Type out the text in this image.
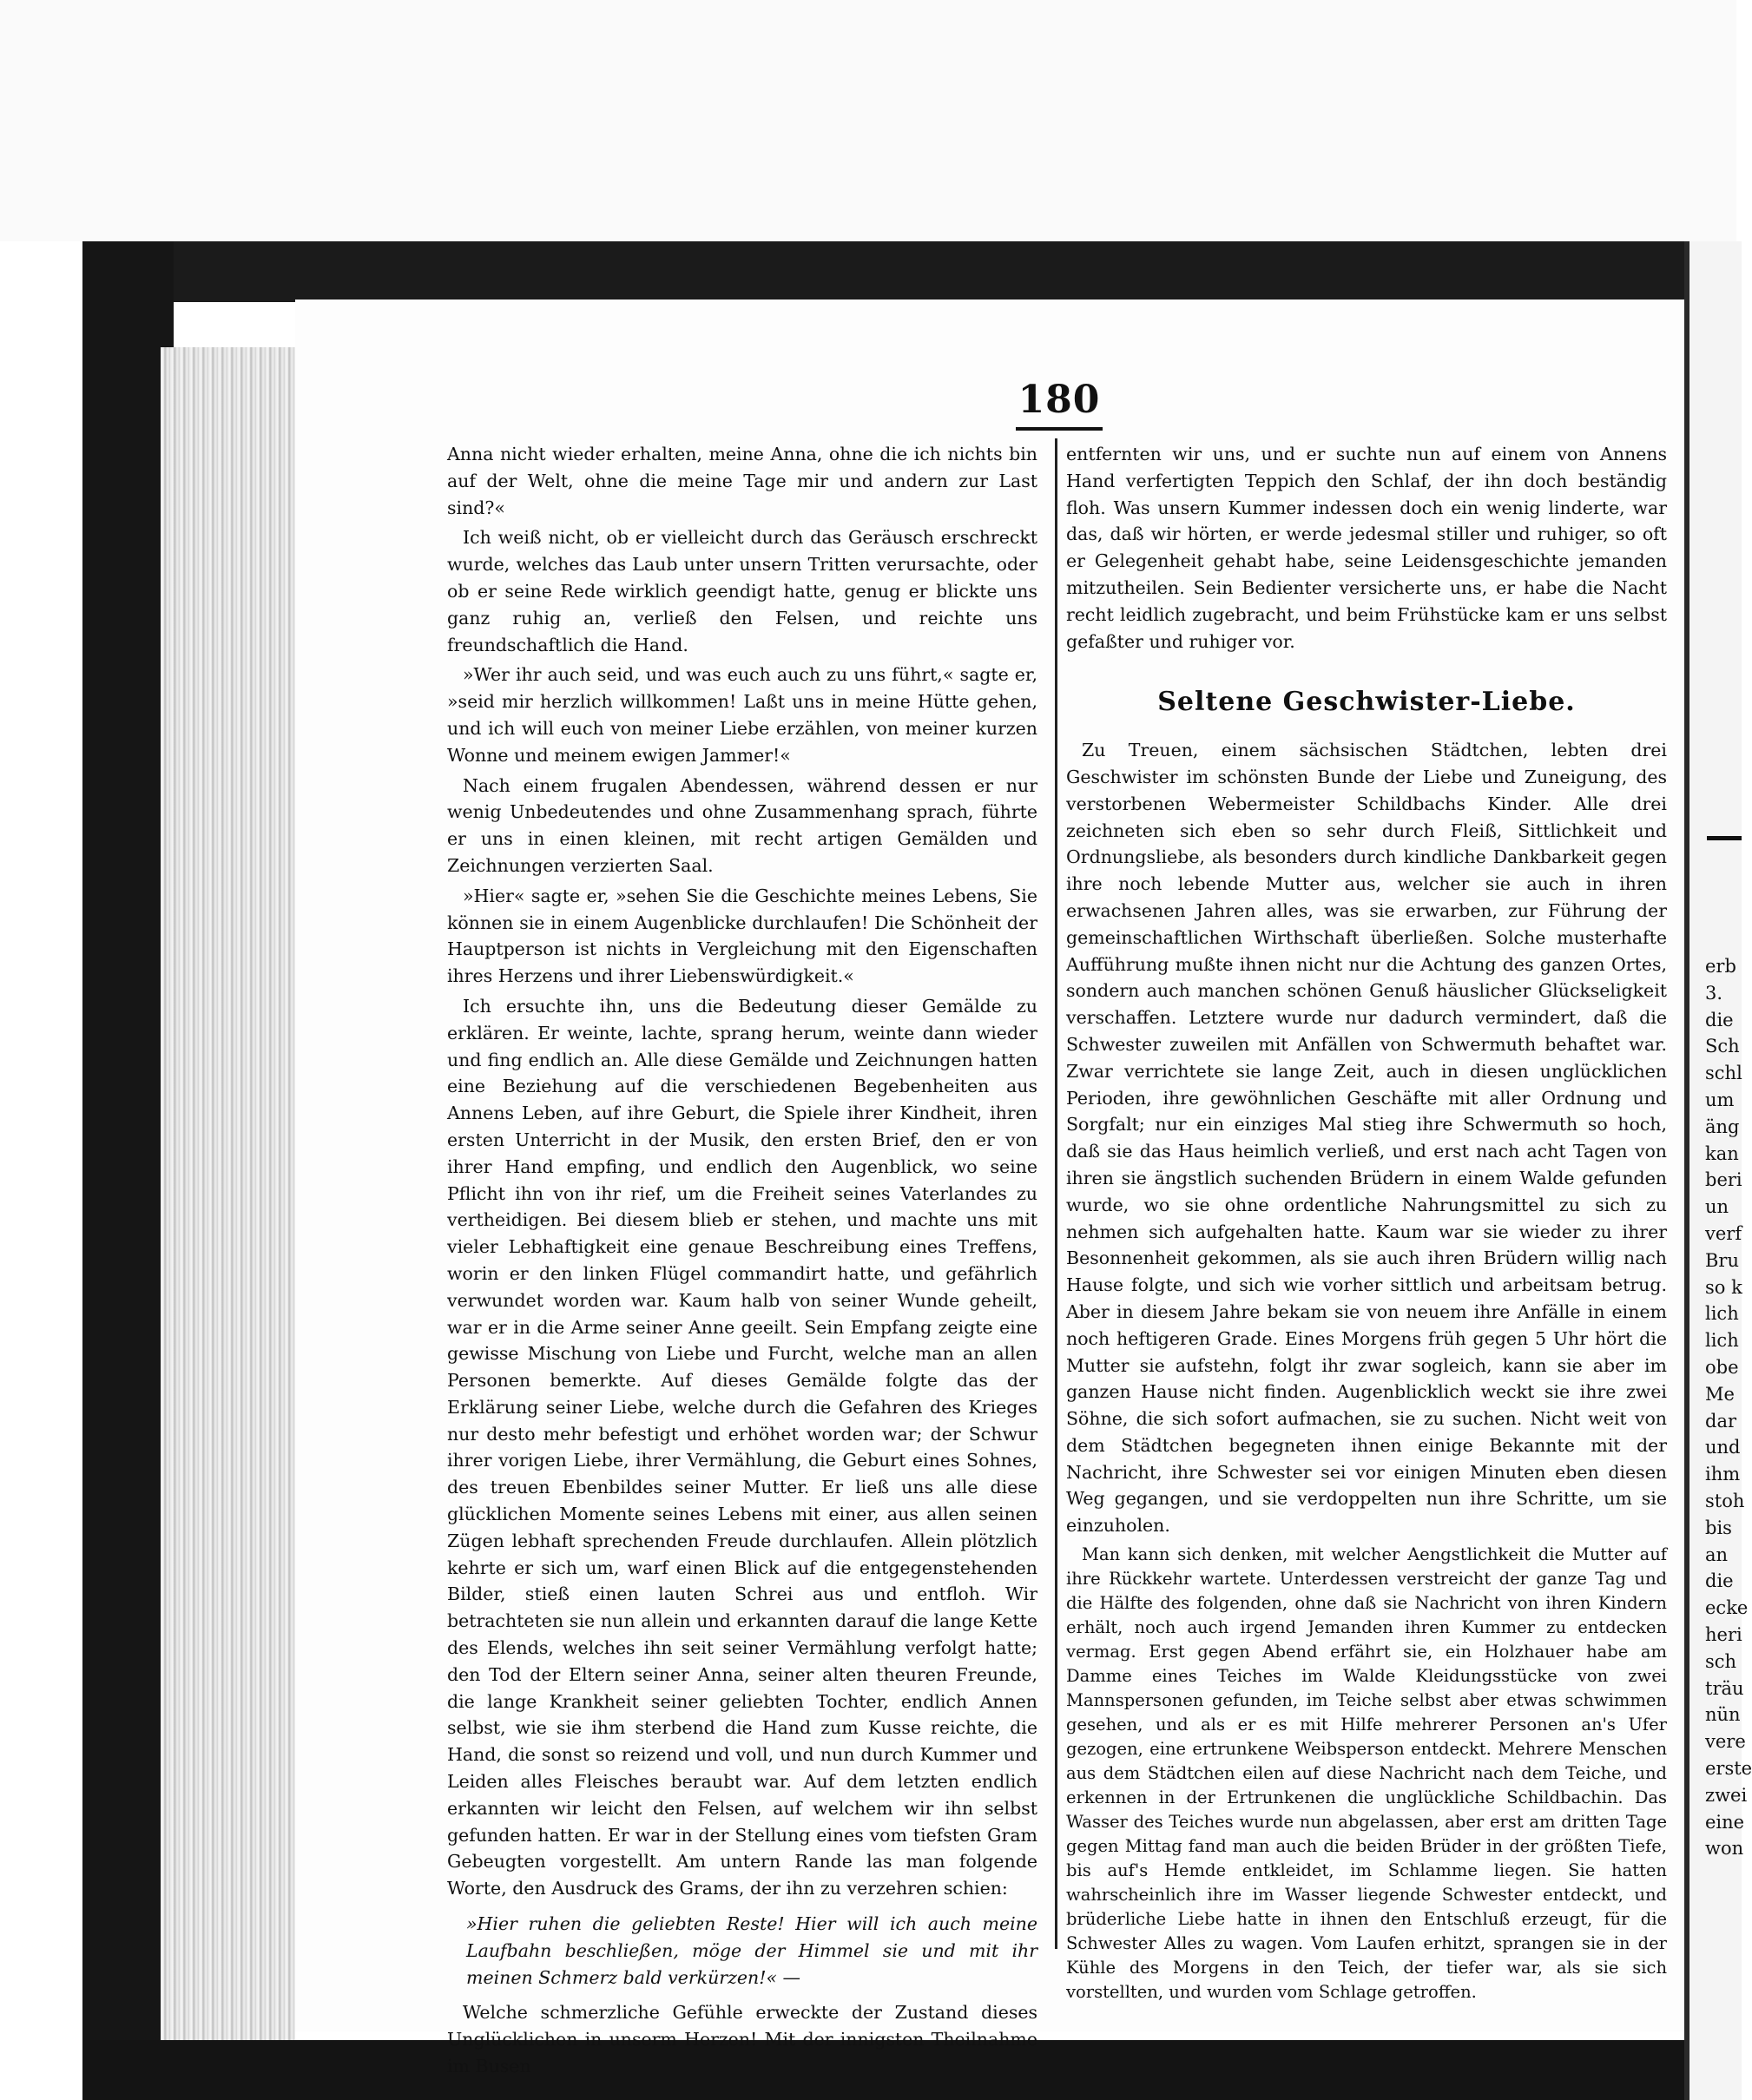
180

Anna nicht wieder erhalten, meine Anna, ohne die ich nichts bin auf der Welt, ohne die meine Tage mir und andern zur Last sind?«

Ich weiß nicht, ob er vielleicht durch das Geräusch erschreckt wurde, welches das Laub unter unsern Tritten verursachte, oder ob er seine Rede wirklich geendigt hatte, genug er blickte uns ganz ruhig an, verließ den Felsen, und reichte uns freundschaftlich die Hand.

»Wer ihr auch seid, und was euch auch zu uns führt,« sagte er, »seid mir herzlich willkommen! Laßt uns in meine Hütte gehen, und ich will euch von meiner Liebe erzählen, von meiner kurzen Wonne und meinem ewigen Jammer!«

Nach einem frugalen Abendessen, während dessen er nur wenig Unbedeutendes und ohne Zusammenhang sprach, führte er uns in einen kleinen, mit recht artigen Gemälden und Zeichnungen verzierten Saal.

»Hier« sagte er, »sehen Sie die Geschichte meines Lebens, Sie können sie in einem Augenblicke durchlaufen! Die Schönheit der Hauptperson ist nichts in Vergleichung mit den Eigenschaften ihres Herzens und ihrer Liebenswürdigkeit.«

Ich ersuchte ihn, uns die Bedeutung dieser Gemälde zu erklären. Er weinte, lachte, sprang herum, weinte dann wieder und fing endlich an. Alle diese Gemälde und Zeichnungen hatten eine Beziehung auf die verschiedenen Begebenheiten aus Annens Leben, auf ihre Geburt, die Spiele ihrer Kindheit, ihren ersten Unterricht in der Musik, den ersten Brief, den er von ihrer Hand empfing, und endlich den Augenblick, wo seine Pflicht ihn von ihr rief, um die Freiheit seines Vaterlandes zu vertheidigen. Bei diesem blieb er stehen, und machte uns mit vieler Lebhaftigkeit eine genaue Beschreibung eines Treffens, worin er den linken Flügel commandirt hatte, und gefährlich verwundet worden war. Kaum halb von seiner Wunde geheilt, war er in die Arme seiner Anne geeilt. Sein Empfang zeigte eine gewisse Mischung von Liebe und Furcht, welche man an allen Personen bemerkte. Auf dieses Gemälde folgte das der Erklärung seiner Liebe, welche durch die Gefahren des Krieges nur desto mehr befestigt und erhöhet worden war; der Schwur ihrer vorigen Liebe, ihrer Vermählung, die Geburt eines Sohnes, des treuen Ebenbildes seiner Mutter. Er ließ uns alle diese glücklichen Momente seines Lebens mit einer, aus allen seinen Zügen lebhaft sprechenden Freude durchlaufen. Allein plötzlich kehrte er sich um, warf einen Blick auf die entgegenstehenden Bilder, stieß einen lauten Schrei aus und entfloh. Wir betrachteten sie nun allein und erkannten darauf die lange Kette des Elends, welches ihn seit seiner Vermählung verfolgt hatte; den Tod der Eltern seiner Anna, seiner alten theuren Freunde, die lange Krankheit seiner geliebten Tochter, endlich Annen selbst, wie sie ihm sterbend die Hand zum Kusse reichte, die Hand, die sonst so reizend und voll, und nun durch Kummer und Leiden alles Fleisches beraubt war. Auf dem letzten endlich erkannten wir leicht den Felsen, auf welchem wir ihn selbst gefunden hatten. Er war in der Stellung eines vom tiefsten Gram Gebeugten vorgestellt. Am untern Rande las man folgende Worte, den Ausdruck des Grams, der ihn zu verzehren schien:

»Hier ruhen die geliebten Reste! Hier will ich auch meine Laufbahn beschließen, möge der Himmel sie und mit ihr meinen Schmerz bald verkürzen!« —

Welche schmerzliche Gefühle erweckte der Zustand dieses Unglücklichen in unserm Herzen! Mit der innigsten Theilnahme im Busen

entfernten wir uns, und er suchte nun auf einem von Annens Hand verfertigten Teppich den Schlaf, der ihn doch beständig floh. Was unsern Kummer indessen doch ein wenig linderte, war das, daß wir hörten, er werde jedesmal stiller und ruhiger, so oft er Gelegenheit gehabt habe, seine Leidensgeschichte jemanden mitzutheilen. Sein Bedienter versicherte uns, er habe die Nacht recht leidlich zugebracht, und beim Frühstücke kam er uns selbst gefaßter und ruhiger vor.

Seltene Geschwister-Liebe.

Zu Treuen, einem sächsischen Städtchen, lebten drei Geschwister im schönsten Bunde der Liebe und Zuneigung, des verstorbenen Webermeister Schildbachs Kinder. Alle drei zeichneten sich eben so sehr durch Fleiß, Sittlichkeit und Ordnungsliebe, als besonders durch kindliche Dankbarkeit gegen ihre noch lebende Mutter aus, welcher sie auch in ihren erwachsenen Jahren alles, was sie erwarben, zur Führung der gemeinschaftlichen Wirthschaft überließen. Solche musterhafte Aufführung mußte ihnen nicht nur die Achtung des ganzen Ortes, sondern auch manchen schönen Genuß häuslicher Glückseligkeit verschaffen. Letztere wurde nur dadurch vermindert, daß die Schwester zuweilen mit Anfällen von Schwermuth behaftet war. Zwar verrichtete sie lange Zeit, auch in diesen unglücklichen Perioden, ihre gewöhnlichen Geschäfte mit aller Ordnung und Sorgfalt; nur ein einziges Mal stieg ihre Schwermuth so hoch, daß sie das Haus heimlich verließ, und erst nach acht Tagen von ihren sie ängstlich suchenden Brüdern in einem Walde gefunden wurde, wo sie ohne ordentliche Nahrungsmittel zu sich zu nehmen sich aufgehalten hatte. Kaum war sie wieder zu ihrer Besonnenheit gekommen, als sie auch ihren Brüdern willig nach Hause folgte, und sich wie vorher sittlich und arbeitsam betrug. Aber in diesem Jahre bekam sie von neuem ihre Anfälle in einem noch heftigeren Grade. Eines Morgens früh gegen 5 Uhr hört die Mutter sie aufstehn, folgt ihr zwar sogleich, kann sie aber im ganzen Hause nicht finden. Augenblicklich weckt sie ihre zwei Söhne, die sich sofort aufmachen, sie zu suchen. Nicht weit von dem Städtchen begegneten ihnen einige Bekannte mit der Nachricht, ihre Schwester sei vor einigen Minuten eben diesen Weg gegangen, und sie verdoppelten nun ihre Schritte, um sie einzuholen.

Man kann sich denken, mit welcher Aengstlichkeit die Mutter auf ihre Rückkehr wartete. Unterdessen verstreicht der ganze Tag und die Hälfte des folgenden, ohne daß sie Nachricht von ihren Kindern erhält, noch auch irgend Jemanden ihren Kummer zu entdecken vermag. Erst gegen Abend erfährt sie, ein Holzhauer habe am Damme eines Teiches im Walde Kleidungsstücke von zwei Mannspersonen gefunden, im Teiche selbst aber etwas schwimmen gesehen, und als er es mit Hilfe mehrerer Personen an's Ufer gezogen, eine ertrunkene Weibsperson entdeckt. Mehrere Menschen aus dem Städtchen eilen auf diese Nachricht nach dem Teiche, und erkennen in der Ertrunkenen die unglückliche Schildbachin. Das Wasser des Teiches wurde nun abgelassen, aber erst am dritten Tage gegen Mittag fand man auch die beiden Brüder in der größten Tiefe, bis auf's Hemde entkleidet, im Schlamme liegen. Sie hatten wahrscheinlich ihre im Wasser liegende Schwester entdeckt, und brüderliche Liebe hatte in ihnen den Entschluß erzeugt, für die Schwester Alles zu wagen. Vom Laufen erhitzt, sprangen sie in der Kühle des Morgens in den Teich, der tiefer war, als sie sich vorstellten, und wurden vom Schlage getroffen.

erb
3.
die
Sch
schl
um
äng
kan
beri
un
verf
Bru
so k
lich
lich
obe
Me
dar
und
ihm
stoh
bis
an
die
ecke
heri
sch
träu
nün
vere
erste
zwei
eine
won
